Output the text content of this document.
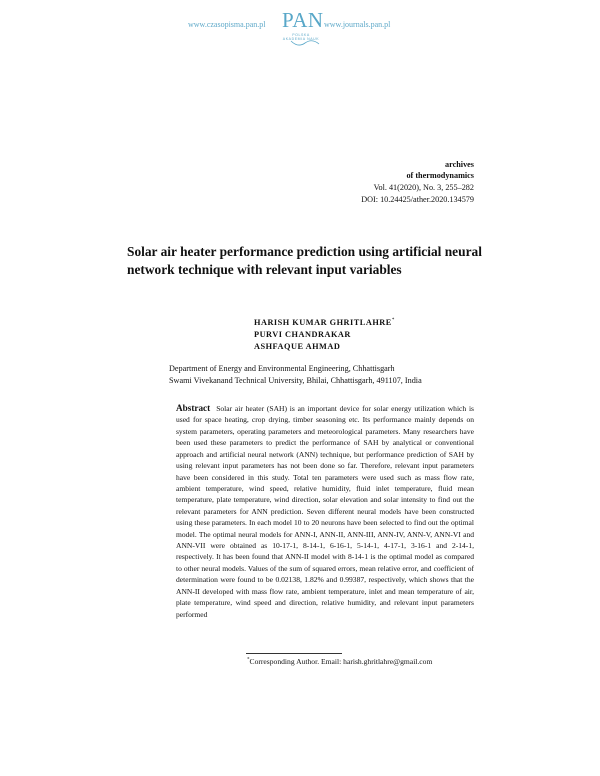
www.czasopisma.pan.pl PAN
POLSKA AKADEMIA NAUK
www.journals.pan.pl
archives
of thermodynamics
Vol. 41(2020), No. 3, 255–282
DOI: 10.24425/ather.2020.134579
Solar air heater performance prediction using artificial neural network technique with relevant input variables
HARISH KUMAR GHRITLAHRE*
PURVI CHANDRAKAR
ASHFAQUE AHMAD
Department of Energy and Environmental Engineering, Chhattisgarh
Swami Vivekanand Technical University, Bhilai, Chhattisgarh, 491107, India
Abstract Solar air heater (SAH) is an important device for solar energy utilization which is used for space heating, crop drying, timber seasoning etc. Its performance mainly depends on system parameters, operating parameters and meteorological parameters. Many researchers have been used these parameters to predict the performance of SAH by analytical or conventional approach and artificial neural network (ANN) technique, but performance prediction of SAH by using relevant input parameters has not been done so far. Therefore, relevant input parameters have been considered in this study. Total ten parameters were used such as mass flow rate, ambient temperature, wind speed, relative humidity, fluid inlet temperature, fluid mean temperature, plate temperature, wind direction, solar elevation and solar intensity to find out the relevant parameters for ANN prediction. Seven different neural models have been constructed using these parameters. In each model 10 to 20 neurons have been selected to find out the optimal model. The optimal neural models for ANN-I, ANN-II, ANN-III, ANN-IV, ANN-V, ANN-VI and ANN-VII were obtained as 10-17-1, 8-14-1, 6-16-1, 5-14-1, 4-17-1, 3-16-1 and 2-14-1, respectively. It has been found that ANN-II model with 8-14-1 is the optimal model as compared to other neural models. Values of the sum of squared errors, mean relative error, and coefficient of determination were found to be 0.02138, 1.82% and 0.99387, respectively, which shows that the ANN-II developed with mass flow rate, ambient temperature, inlet and mean temperature of air, plate temperature, wind speed and direction, relative humidity, and relevant input parameters performed
*Corresponding Author. Email: harish.ghritlahre@gmail.com
